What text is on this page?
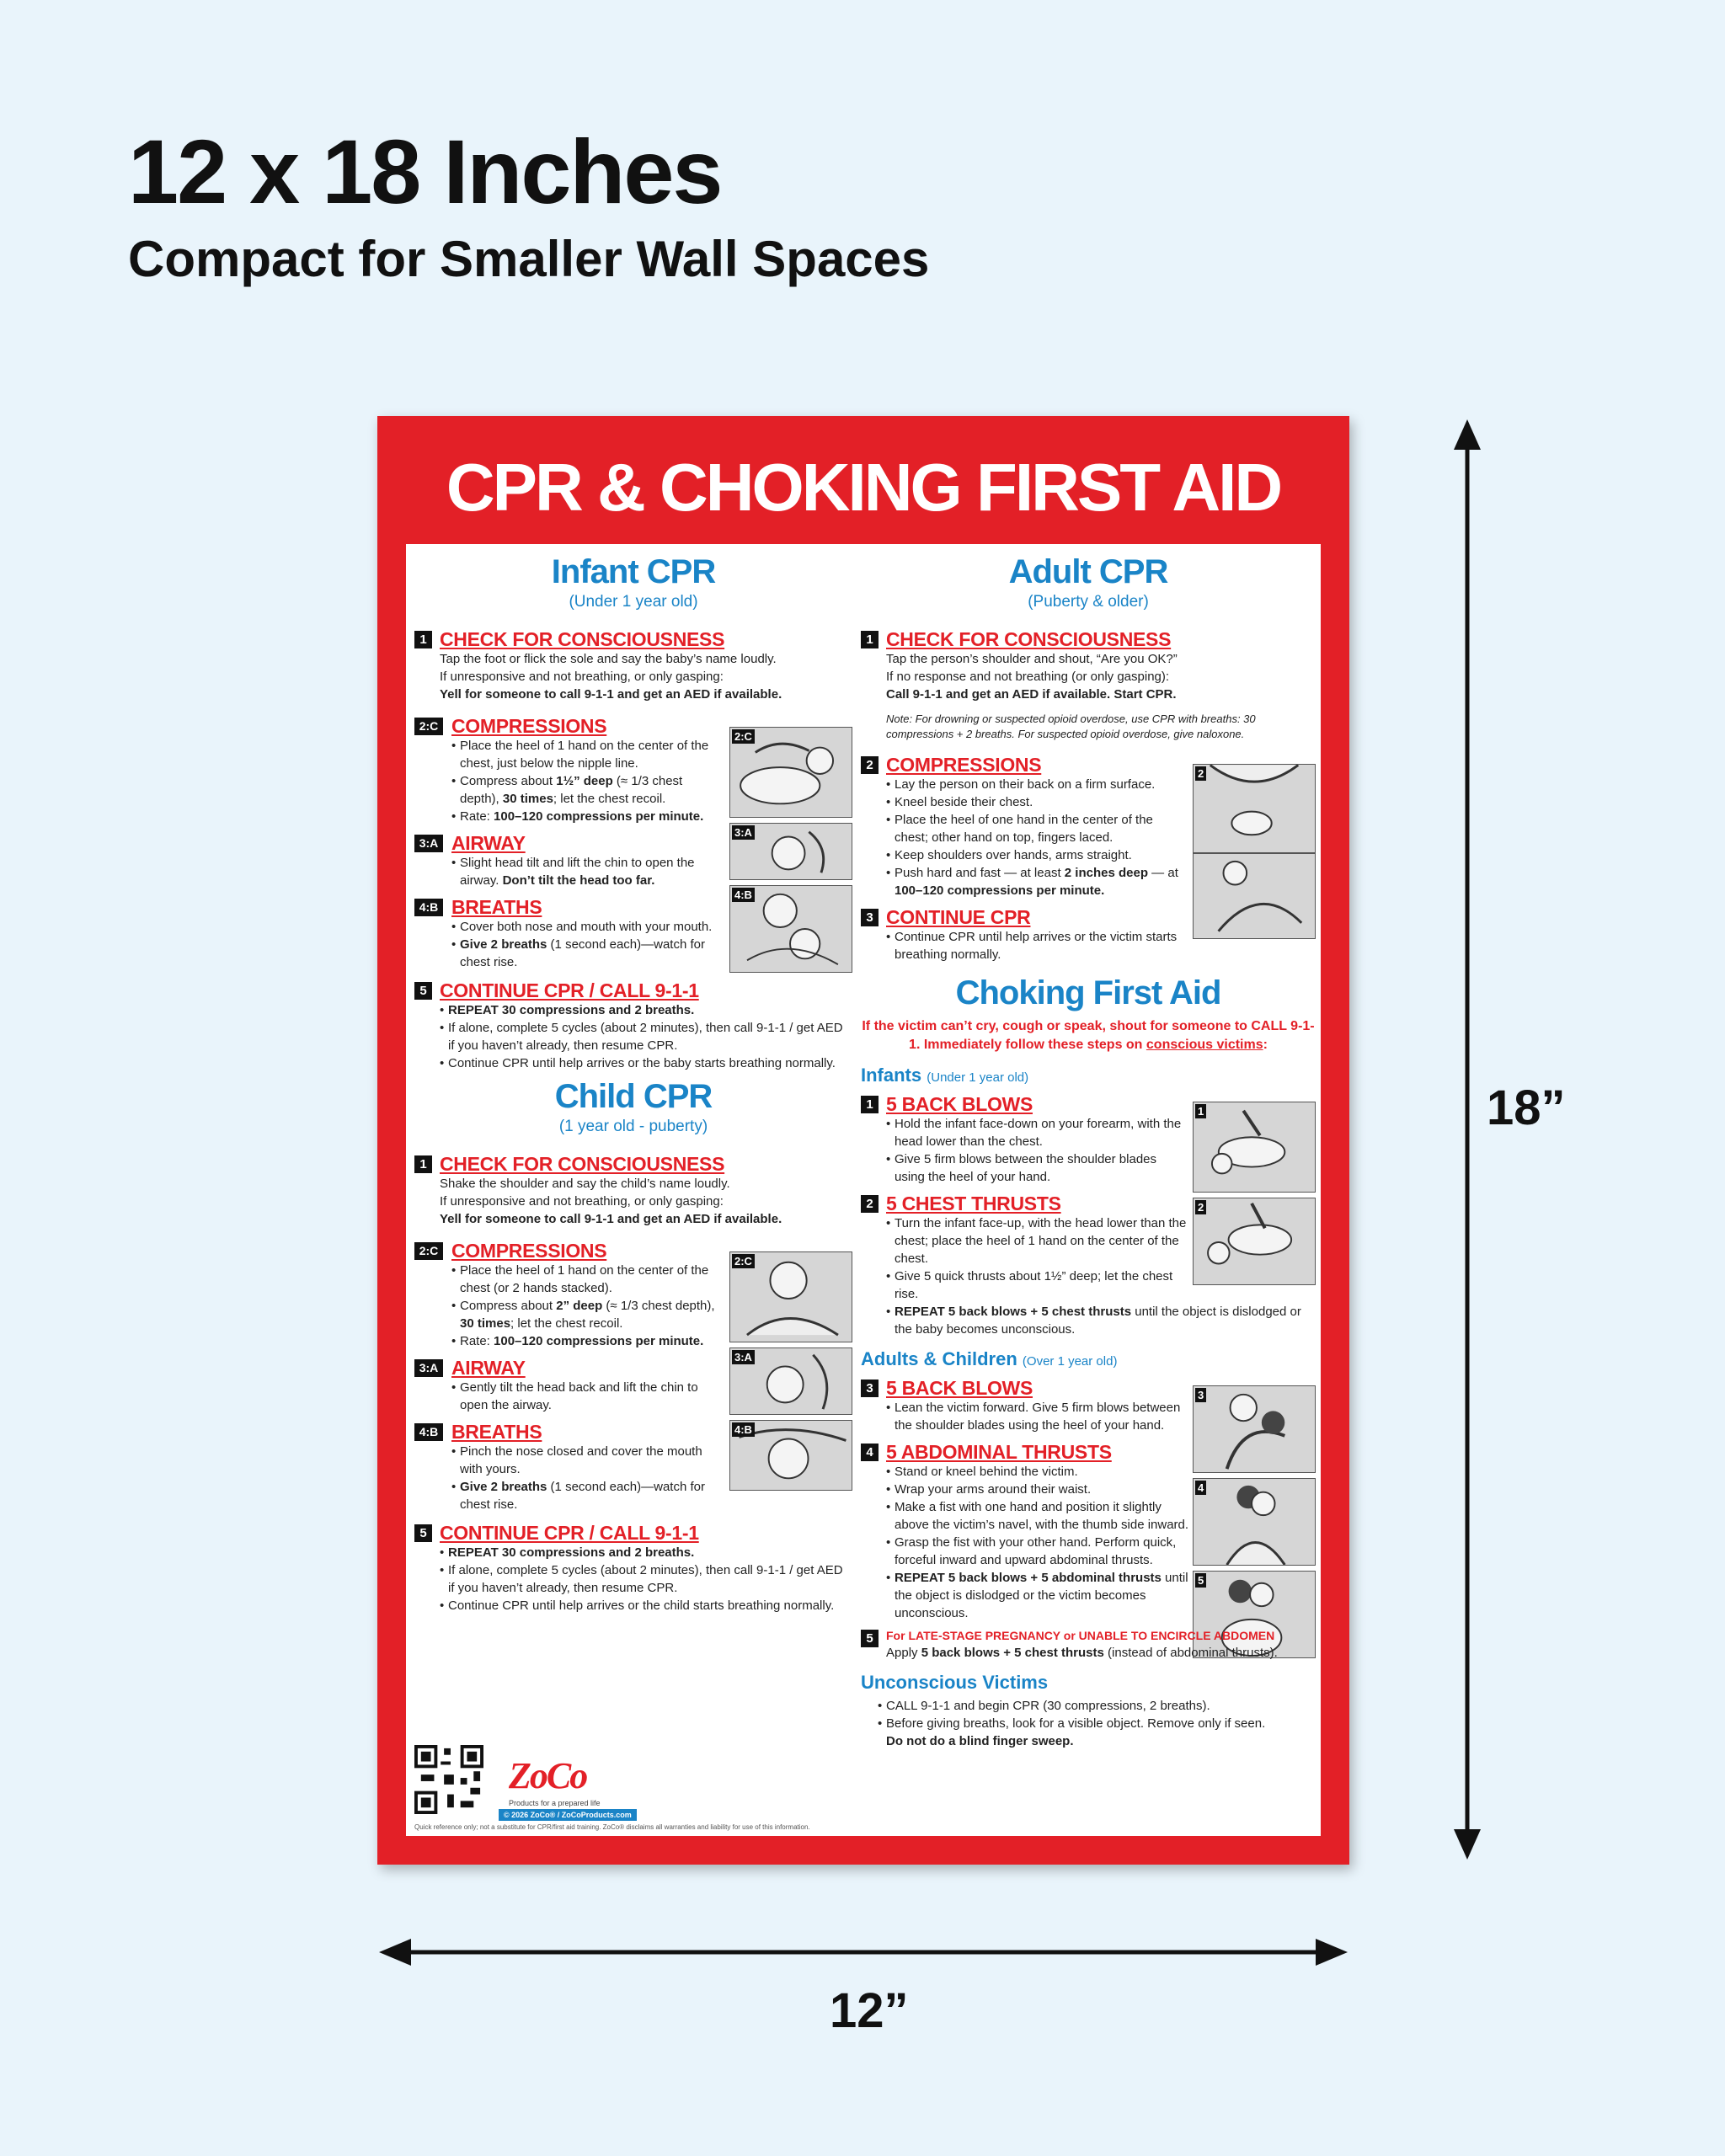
12 x 18 Inches
Compact for Smaller Wall Spaces
18”
12”
CPR & CHOKING FIRST AID
Infant CPR
(Under 1 year old)
1 CHECK FOR CONSCIOUSNESS
Tap the foot or flick the sole and say the baby’s name loudly.
If unresponsive and not breathing, or only gasping:
Yell for someone to call 9-1-1 and get an AED if available.
2:C
3:A
4:B
2:C COMPRESSIONS
• Place the heel of 1 hand on the center of the chest, just below the nipple line.
• Compress about 1½” deep (≈ 1/3 chest depth), 30 times; let the chest recoil.
• Rate: 100–120 compressions per minute.
3:A AIRWAY
• Slight head tilt and lift the chin to open the airway. Don’t tilt the head too far.
4:B BREATHS
• Cover both nose and mouth with your mouth.
• Give 2 breaths (1 second each)—watch for chest rise.
5 CONTINUE CPR / CALL 9-1-1
• REPEAT 30 compressions and 2 breaths.
• If alone, complete 5 cycles (about 2 minutes), then call 9-1-1 / get AED if you haven’t already, then resume CPR.
• Continue CPR until help arrives or the baby starts breathing normally.
Child CPR
(1 year old - puberty)
1 CHECK FOR CONSCIOUSNESS
Shake the shoulder and say the child’s name loudly.
If unresponsive and not breathing, or only gasping:
Yell for someone to call 9-1-1 and get an AED if available.
2:C
3:A
4:B
2:C COMPRESSIONS
• Place the heel of 1 hand on the center of the chest (or 2 hands stacked).
• Compress about 2” deep (≈ 1/3 chest depth), 30 times; let the chest recoil.
• Rate: 100–120 compressions per minute.
3:A AIRWAY
• Gently tilt the head back and lift the chin to open the airway.
4:B BREATHS
• Pinch the nose closed and cover the mouth with yours.
• Give 2 breaths (1 second each)—watch for chest rise.
5 CONTINUE CPR / CALL 9-1-1
• REPEAT 30 compressions and 2 breaths.
• If alone, complete 5 cycles (about 2 minutes), then call 9-1-1 / get AED if you haven’t already, then resume CPR.
• Continue CPR until help arrives or the child starts breathing normally.
ZoCo
Products for a prepared life
© 2026 ZoCo® / ZoCoProducts.com
Quick reference only; not a substitute for CPR/first aid training. ZoCo® disclaims all warranties and liability for use of this information.
Adult CPR
(Puberty & older)
1 CHECK FOR CONSCIOUSNESS
Tap the person’s shoulder and shout, “Are you OK?”
If no response and not breathing (or only gasping):
Call 9-1-1 and get an AED if available. Start CPR.
Note: For drowning or suspected opioid overdose, use CPR with breaths: 30 compressions + 2 breaths. For suspected opioid overdose, give naloxone.
2
2 COMPRESSIONS
• Lay the person on their back on a firm surface.
• Kneel beside their chest.
• Place the heel of one hand in the center of the chest; other hand on top, fingers laced.
• Keep shoulders over hands, arms straight.
• Push hard and fast — at least 2 inches deep — at 100–120 compressions per minute.
3 CONTINUE CPR
• Continue CPR until help arrives or the victim starts breathing normally.
Choking First Aid
If the victim can’t cry, cough or speak, shout for someone to CALL 9-1-1. Immediately follow these steps on conscious victims:
Infants (Under 1 year old)
1
2
1 5 BACK BLOWS
• Hold the infant face-down on your forearm, with the head lower than the chest.
• Give 5 firm blows between the shoulder blades using the heel of your hand.
2 5 CHEST THRUSTS
• Turn the infant face-up, with the head lower than the chest; place the heel of 1 hand on the center of the chest.
• Give 5 quick thrusts about 1½” deep; let the chest rise.
• REPEAT 5 back blows + 5 chest thrusts until the object is dislodged or the baby becomes unconscious.
Adults & Children (Over 1 year old)
3
4
5
3 5 BACK BLOWS
• Lean the victim forward. Give 5 firm blows between the shoulder blades using the heel of your hand.
4 5 ABDOMINAL THRUSTS
• Stand or kneel behind the victim.
• Wrap your arms around their waist.
• Make a fist with one hand and position it slightly above the victim’s navel, with the thumb side inward.
• Grasp the fist with your other hand. Perform quick, forceful inward and upward abdominal thrusts.
• REPEAT 5 back blows + 5 abdominal thrusts until the object is dislodged or the victim becomes unconscious.
5	For LATE-STAGE PREGNANCY or UNABLE TO ENCIRCLE ABDOMEN
Apply 5 back blows + 5 chest thrusts (instead of abdominal thrusts).
Unconscious Victims
• CALL 9-1-1 and begin CPR (30 compressions, 2 breaths).
• Before giving breaths, look for a visible object. Remove only if seen.
Do not do a blind finger sweep.
